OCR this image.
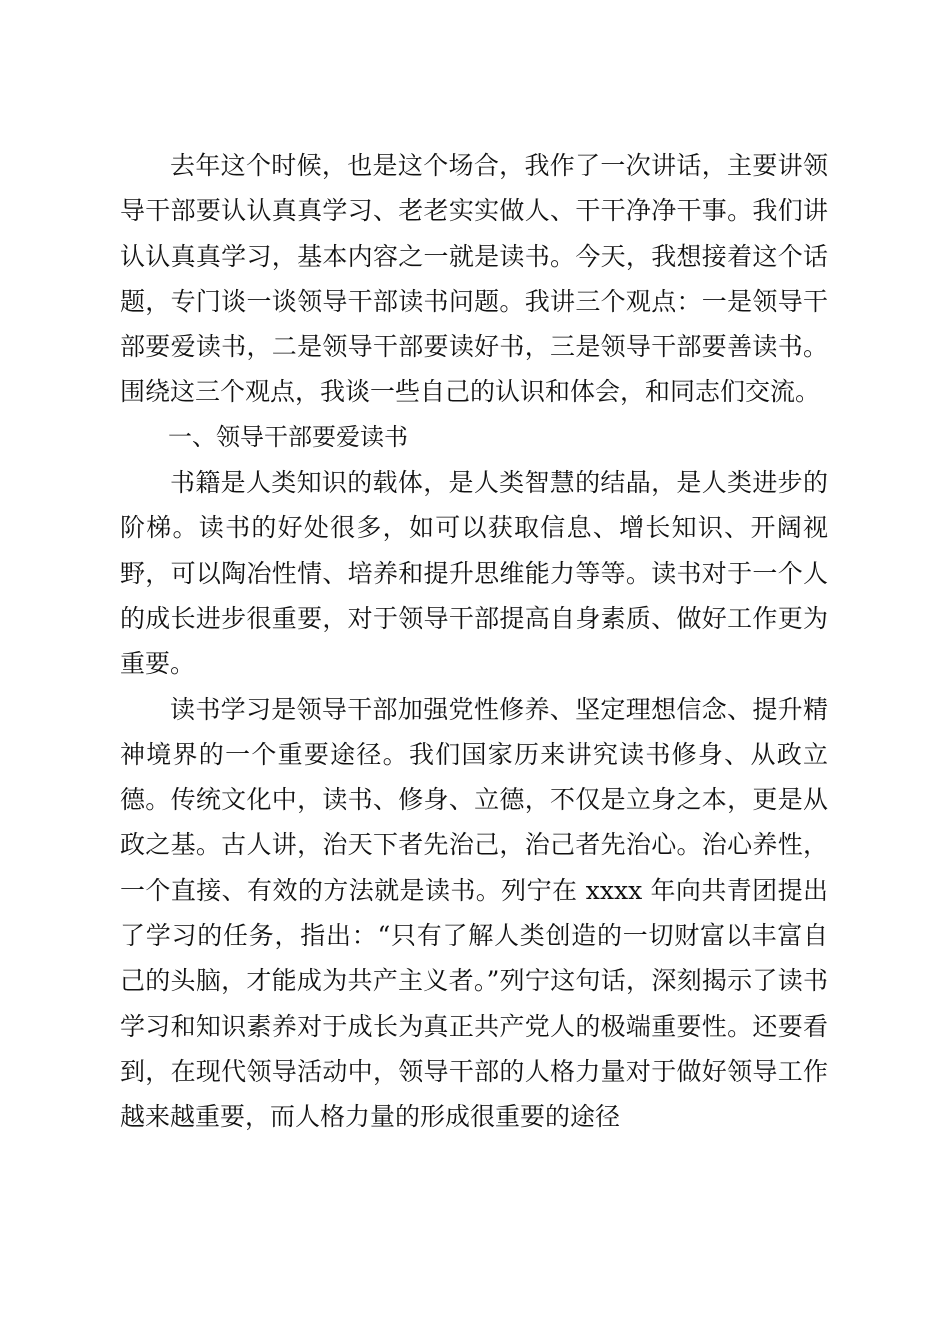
去年这个时候，也是这个场合，我作了一次讲话，主要讲领导干部要认认真真学习、老老实实做人、干干净净干事。我们讲认认真真学习，基本内容之一就是读书。今天，我想接着这个话题，专门谈一谈领导干部读书问题。我讲三个观点：一是领导干部要爱读书，二是领导干部要读好书，三是领导干部要善读书。围绕这三个观点，我谈一些自己的认识和体会，和同志们交流。

一、领导干部要爱读书

书籍是人类知识的载体，是人类智慧的结晶，是人类进步的阶梯。读书的好处很多，如可以获取信息、增长知识、开阔视野，可以陶冶性情、培养和提升思维能力等等。读书对于一个人的成长进步很重要，对于领导干部提高自身素质、做好工作更为重要。

读书学习是领导干部加强党性修养、坚定理想信念、提升精神境界的一个重要途径。我们国家历来讲究读书修身、从政立德。传统文化中，读书、修身、立德，不仅是立身之本，更是从政之基。古人讲，治天下者先治己，治己者先治心。治心养性，一个直接、有效的方法就是读书。列宁在 xxxx 年向共青团提出了学习的任务，指出：“只有了解人类创造的一切财富以丰富自己的头脑，才能成为共产主义者。”列宁这句话，深刻揭示了读书学习和知识素养对于成长为真正共产党人的极端重要性。还要看到，在现代领导活动中，领导干部的人格力量对于做好领导工作越来越重要，而人格力量的形成很重要的途径
